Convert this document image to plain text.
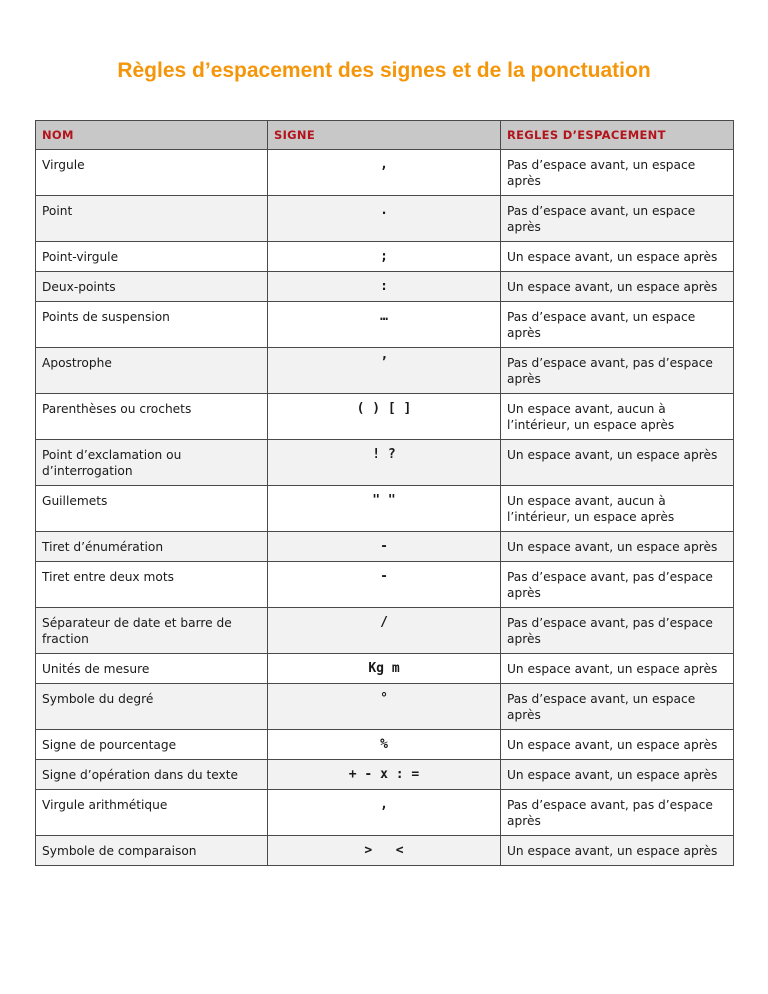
Règles d’espacement des signes et de la ponctuation
NOM	SIGNE	REGLES D’ESPACEMENT
Virgule	,	Pas d’espace avant, un espace après
Point	.	Pas d’espace avant, un espace après
Point-virgule	;	Un espace avant, un espace après
Deux-points	:	Un espace avant, un espace après
Points de suspension	…	Pas d’espace avant, un espace après
Apostrophe	’	Pas d’espace avant, pas d’espace après
Parenthèses ou crochets	( ) [ ]	Un espace avant, aucun à l’intérieur, un espace après
Point d’exclamation ou d’interrogation	! ?	Un espace avant, un espace après
Guillemets	" "	Un espace avant, aucun à l’intérieur, un espace après
Tiret d’énumération	-	Un espace avant, un espace après
Tiret entre deux mots	-	Pas d’espace avant, pas d’espace après
Séparateur de date et barre de fraction	/	Pas d’espace avant, pas d’espace après
Unités de mesure	Kg m	Un espace avant, un espace après
Symbole du degré	°	Pas d’espace avant, un espace après
Signe de pourcentage	%	Un espace avant, un espace après
Signe d’opération dans du texte	+ - x : =	Un espace avant, un espace après
Virgule arithmétique	,	Pas d’espace avant, pas d’espace après
Symbole de comparaison	>   <	Un espace avant, un espace après
